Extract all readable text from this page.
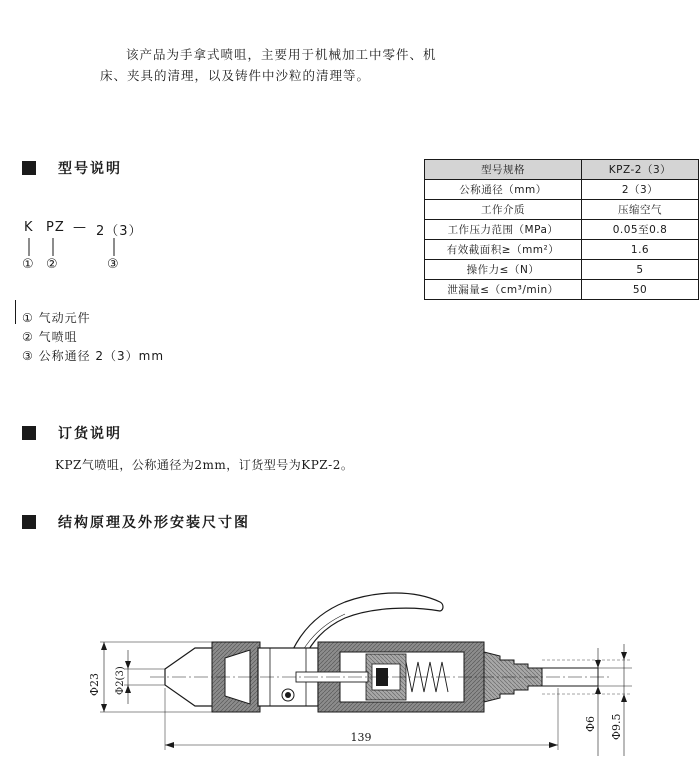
该产品为手拿式喷咀，主要用于机械加工中零件、机

床、夹具的清理，以及铸件中沙粒的清理等。

型号说明
K PZ — 2（3）
① ②	③
① 气动元件
② 气喷咀
③ 公称通径 2（3）mm
型号规格	KPZ-2（3）
公称通径（mm）	2（3）
工作介质	压缩空气
工作压力范围（MPa）	0.05至0.8
有效截面积≥（mm²）	1.6
操作力≤（N）	5
泄漏量≤（cm³/min）	50
订货说明
KPZ气喷咀，公称通径为2mm，订货型号为KPZ-2。
结构原理及外形安装尺寸图
Φ23 Φ2(3)
139
Φ6 Φ9.5
